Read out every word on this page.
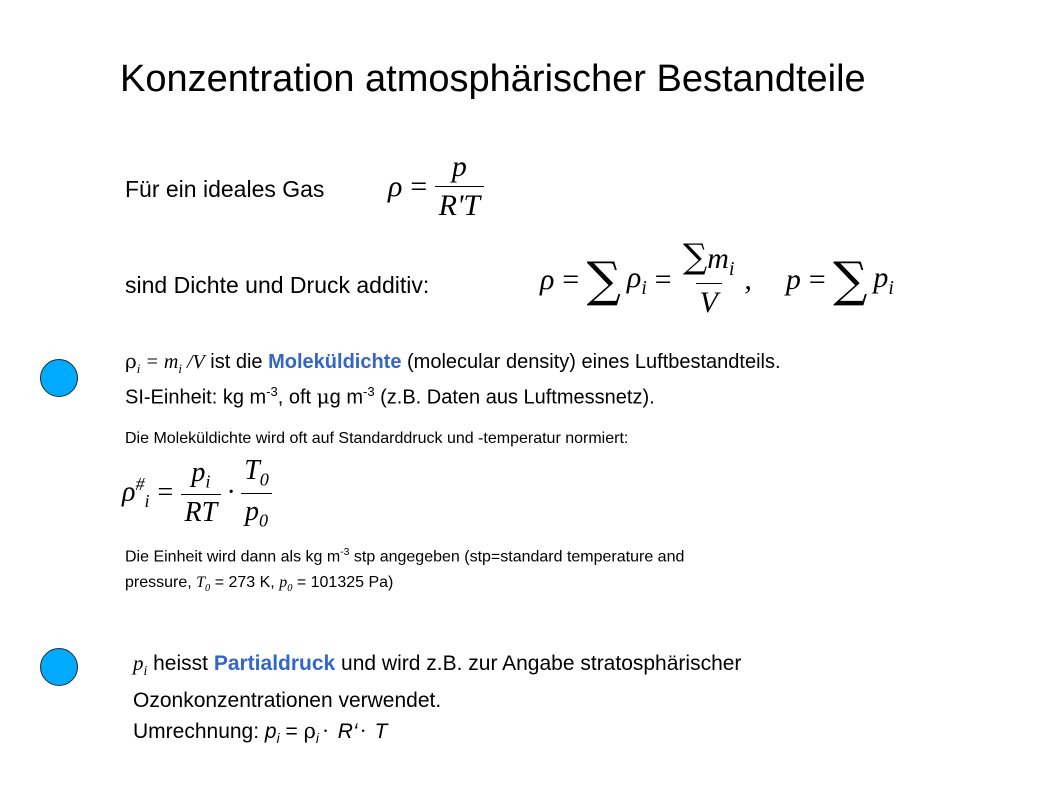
Konzentration atmosphärischer Bestandteile
Für ein ideales Gas $\rho = \frac{p}{R'T}$
sind Dichte und Druck additiv:	ρ = ∑ $\rho_i = \frac{\sum m_i}{V}$ , p = ∑ $p_i$
$\rho_i = m_i$ /V ist die Moleküldichte (molecular density) eines Luftbestandteils.
SI-Einheit: kg $m^{-3}$, oft μg $m^{-3}$ (z.B. Daten aus Luftmessnetz).
Die Moleküldichte wird oft auf Standarddruck und -temperatur normiert:
$\rho^{\#}_i = \frac{p_i}{RT} \cdot \frac{T_0}{p_0}$
Die Einheit wird dann als kg $m^{-3}$ stp angegeben (stp=standard temperature and
pressure, $T_0 = 273$ K, $p_0 = 101325$ Pa)
$p_i$ heisst Partialdruck und wird z.B. zur Angabe stratosphärischer
Ozonkonzentrationen verwendet.
Umrechnung: $p_i = \rho_i$ · R‘· T
